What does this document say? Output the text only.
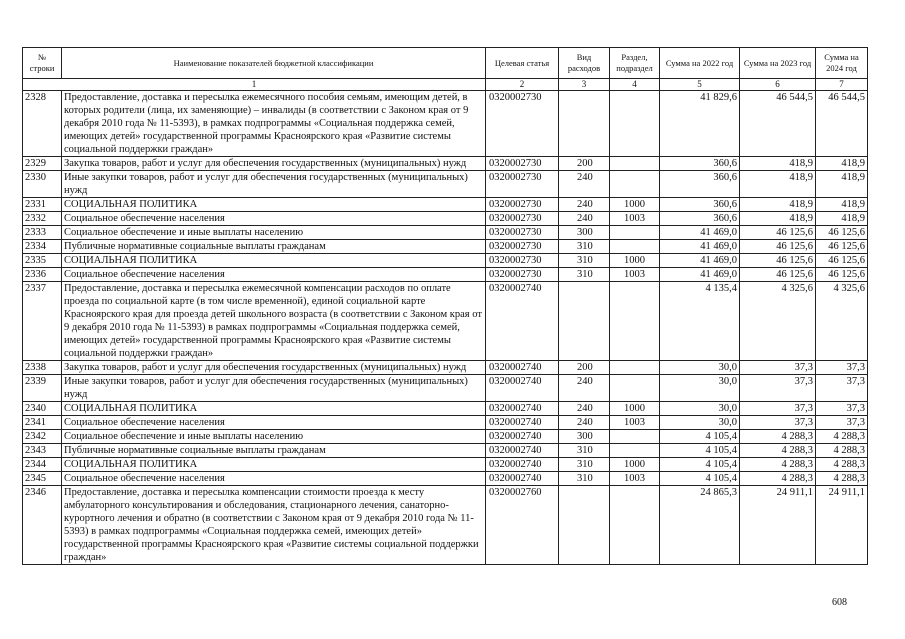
№ строки	Наименование показателей бюджетной классификации	Целевая статья	Вид расходов	Раздел, подраздел	Сумма на 2022 год	Сумма на 2023 год	Сумма на 2024 год
1		2	3	4	5	6	7
2328	Предоставление, доставка и пересылка ежемесячного пособия семьям, имеющим детей, в которых родители (лица, их заменяющие) – инвалиды (в соответствии с Законом края от 9 декабря 2010 года № 11-5393), в рамках подпрограммы «Социальная поддержка семей, имеющих детей» государственной программы Красноярского края «Развитие системы социальной поддержки граждан»	0320002730			41 829,6	46 544,5	46 544,5
2329	Закупка товаров, работ и услуг для обеспечения государственных (муниципальных) нужд	0320002730	200		360,6	418,9	418,9
2330	Иные закупки товаров, работ и услуг для обеспечения государственных (муниципальных) нужд	0320002730	240		360,6	418,9	418,9
2331	СОЦИАЛЬНАЯ ПОЛИТИКА	0320002730	240	1000	360,6	418,9	418,9
2332	Социальное обеспечение населения	0320002730	240	1003	360,6	418,9	418,9
2333	Социальное обеспечение и иные выплаты населению	0320002730	300		41 469,0	46 125,6	46 125,6
2334	Публичные нормативные социальные выплаты гражданам	0320002730	310		41 469,0	46 125,6	46 125,6
2335	СОЦИАЛЬНАЯ ПОЛИТИКА	0320002730	310	1000	41 469,0	46 125,6	46 125,6
2336	Социальное обеспечение населения	0320002730	310	1003	41 469,0	46 125,6	46 125,6
2337	Предоставление, доставка и пересылка ежемесячной компенсации расходов по оплате проезда по социальной карте (в том числе временной), единой социальной карте Красноярского края для проезда детей школьного возраста (в соответствии с Законом края от 9 декабря 2010 года № 11-5393) в рамках подпрограммы «Социальная поддержка семей, имеющих детей» государственной программы Красноярского края «Развитие системы социальной поддержки граждан»	0320002740			4 135,4	4 325,6	4 325,6
2338	Закупка товаров, работ и услуг для обеспечения государственных (муниципальных) нужд	0320002740	200		30,0	37,3	37,3
2339	Иные закупки товаров, работ и услуг для обеспечения государственных (муниципальных) нужд	0320002740	240		30,0	37,3	37,3
2340	СОЦИАЛЬНАЯ ПОЛИТИКА	0320002740	240	1000	30,0	37,3	37,3
2341	Социальное обеспечение населения	0320002740	240	1003	30,0	37,3	37,3
2342	Социальное обеспечение и иные выплаты населению	0320002740	300		4 105,4	4 288,3	4 288,3
2343	Публичные нормативные социальные выплаты гражданам	0320002740	310		4 105,4	4 288,3	4 288,3
2344	СОЦИАЛЬНАЯ ПОЛИТИКА	0320002740	310	1000	4 105,4	4 288,3	4 288,3
2345	Социальное обеспечение населения	0320002740	310	1003	4 105,4	4 288,3	4 288,3
2346	Предоставление, доставка и пересылка компенсации стоимости проезда к месту амбулаторного консультирования и обследования, стационарного лечения, санаторно-курортного лечения и обратно (в соответствии с Законом края от 9 декабря 2010 года № 11-5393) в рамках подпрограммы «Социальная поддержка семей, имеющих детей» государственной программы Красноярского края «Развитие системы социальной поддержки граждан»	0320002760			24 865,3	24 911,1	24 911,1
608
